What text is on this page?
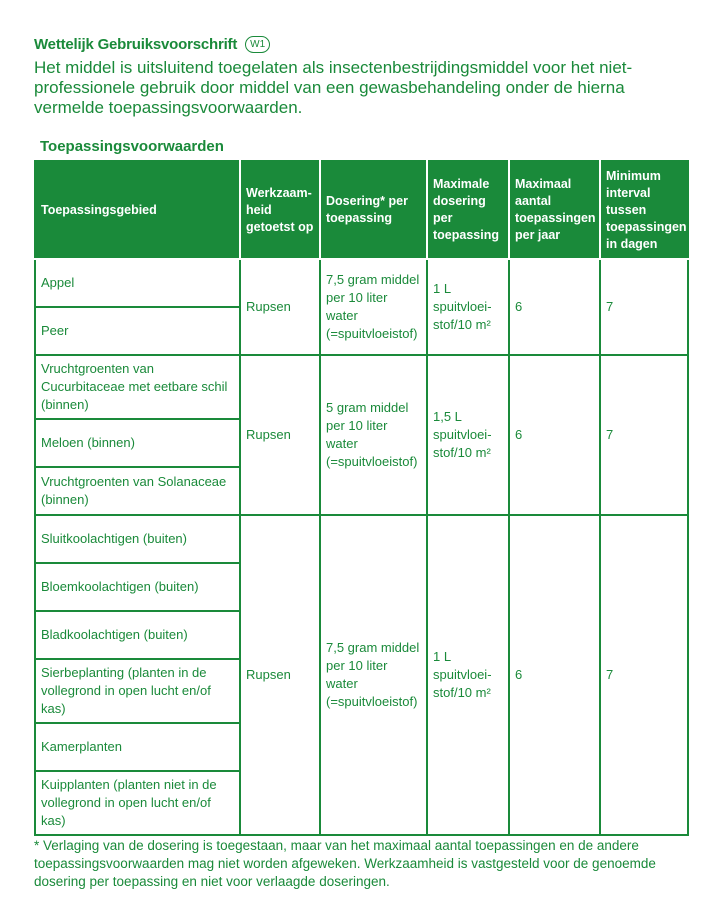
Wettelijk Gebruiksvoorschrift	W1

Het middel is uitsluitend toegelaten als insectenbestrijdingsmiddel voor het niet-professionele gebruik door middel van een gewasbehandeling onder de hierna vermelde toepassingsvoorwaarden.

Toepassingsvoorwaarden

Toepassingsgebied	Werkzaam-heid getoetst op	Dosering* per toepassing	Maximale dosering per toepassing	Maximaal aantal toepassingen per jaar	Minimum interval tussen toepassingen in dagen
Appel	Rupsen	7,5 gram middel per 10 liter water (=spuitvloeistof)	1 L spuitvloei-stof/10 m²	6	7
Peer					
Vruchtgroenten van Cucurbitaceae met eetbare schil (binnen)	Rupsen	5 gram middel per 10 liter water (=spuitvloeistof)	1,5 L spuitvloei-stof/10 m²	6	7
Meloen (binnen)					
Vruchtgroenten van Solanaceae (binnen)					
Sluitkoolachtigen (buiten)	Rupsen	7,5 gram middel per 10 liter water (=spuitvloeistof)	1 L spuitvloei-stof/10 m²	6	7
Bloemkoolachtigen (buiten)					
Bladkoolachtigen (buiten)					
Sierbeplanting (planten in de vollegrond in open lucht en/of kas)					
Kamerplanten					
Kuipplanten (planten niet in de vollegrond in open lucht en/of kas)					

* Verlaging van de dosering is toegestaan, maar van het maximaal aantal toepassingen en de andere toepassingsvoorwaarden mag niet worden afgeweken. Werkzaamheid is vastgesteld voor de genoemde dosering per toepassing en niet voor verlaagde doseringen.
